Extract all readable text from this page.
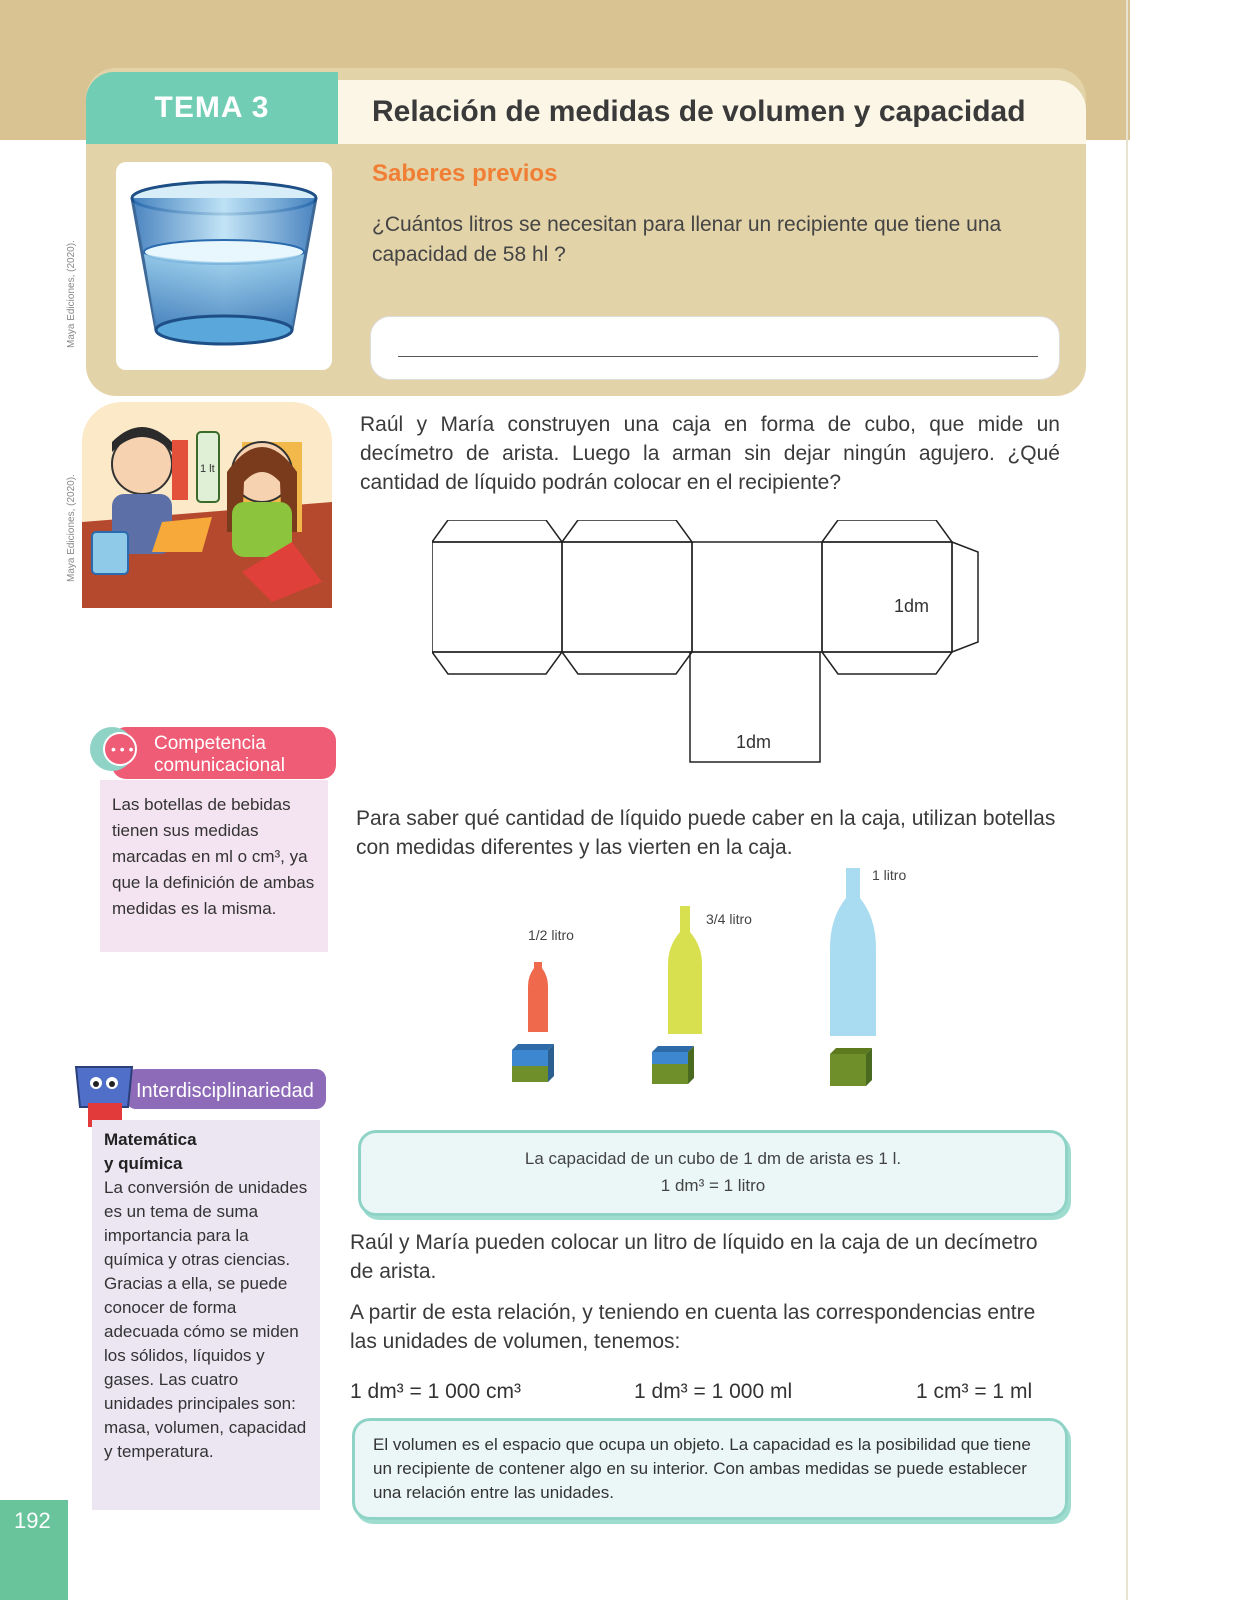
TEMA 3	Relación de medidas de volumen y capacidad
Maya Ediciones, (2020).
Saberes previos
¿Cuántos litros se necesitan para llenar un recipiente que tiene una capacidad de 58 hl ?
1 lt
Maya Ediciones, (2020).
Raúl y María construyen una caja en forma de cubo, que mide un decímetro de arista. Luego la arman sin dejar ningún agujero. ¿Qué cantidad de líquido podrán colocar en el recipiente?
1dm
1dm
• • • Competencia
comunicacional

Las botellas de bebidas tienen sus medidas marcadas en ml o cm³, ya que la definición de ambas medidas es la misma.

Para saber qué cantidad de líquido puede caber en la caja, utilizan botellas con medidas diferentes y las vierten en la caja.
1/2 litro
3/4 litro
1 litro

La capacidad de un cubo de 1 dm de arista es 1 l.

1 dm³ = 1 litro

Interdisciplinariedad
Matemática
y química

La conversión de unidades es un tema de suma importancia para la química y otras ciencias. Gracias a ella, se puede conocer de forma adecuada cómo se miden los sólidos, líquidos y gases. Las cuatro unidades principales son: masa, volumen, capacidad y temperatura.

Raúl y María pueden colocar un litro de líquido en la caja de un decímetro de arista.
A partir de esta relación, y teniendo en cuenta las correspondencias entre las unidades de volumen, tenemos:
1 dm³ = 1 000 cm³	1 dm³ = 1 000 ml	1 cm³ = 1 ml

El volumen es el espacio que ocupa un objeto. La capacidad es la posibilidad que tiene un recipiente de contener algo en su interior. Con ambas medidas se puede establecer una relación entre las unidades.

192
